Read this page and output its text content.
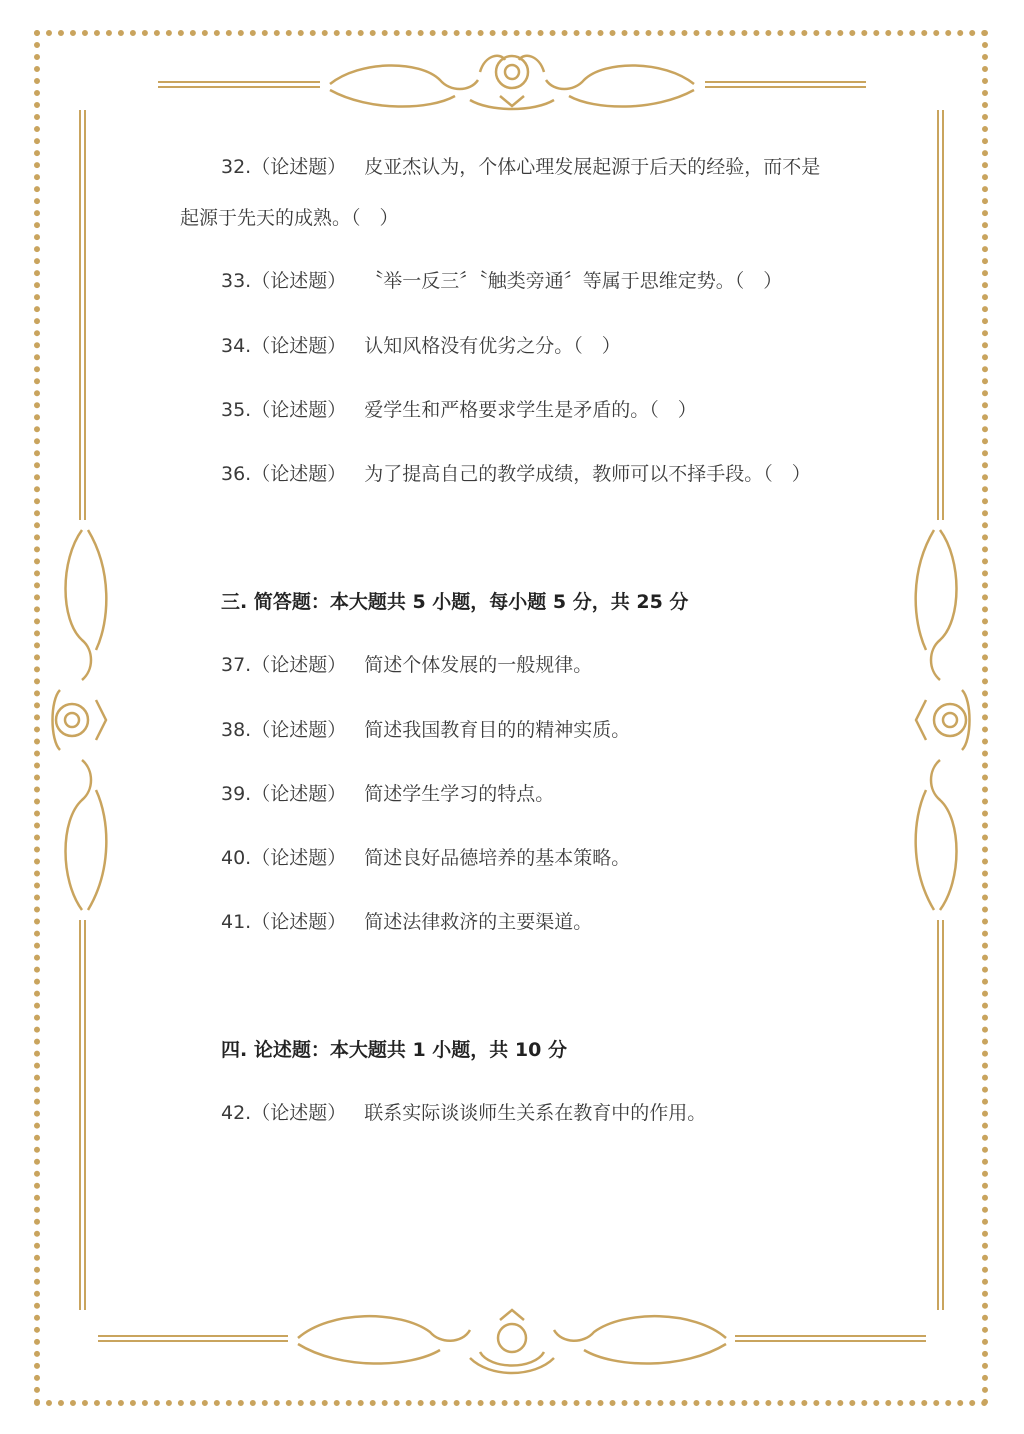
32.（论述题） 皮亚杰认为，个体心理发展起源于后天的经验，而不是
起源于先天的成熟。（　）
33.（论述题） 〝举一反三〞〝触类旁通〞等属于思维定势。（　）
34.（论述题） 认知风格没有优劣之分。（　）
35.（论述题） 爱学生和严格要求学生是矛盾的。（　）
36.（论述题） 为了提高自己的教学成绩，教师可以不择手段。（　）
三. 简答题：本大题共 5 小题，每小题 5 分，共 25 分
37.（论述题） 简述个体发展的一般规律。
38.（论述题） 简述我国教育目的的精神实质。
39.（论述题） 简述学生学习的特点。
40.（论述题） 简述良好品德培养的基本策略。
41.（论述题） 简述法律救济的主要渠道。
四. 论述题：本大题共 1 小题，共 10 分
42.（论述题） 联系实际谈谈师生关系在教育中的作用。
